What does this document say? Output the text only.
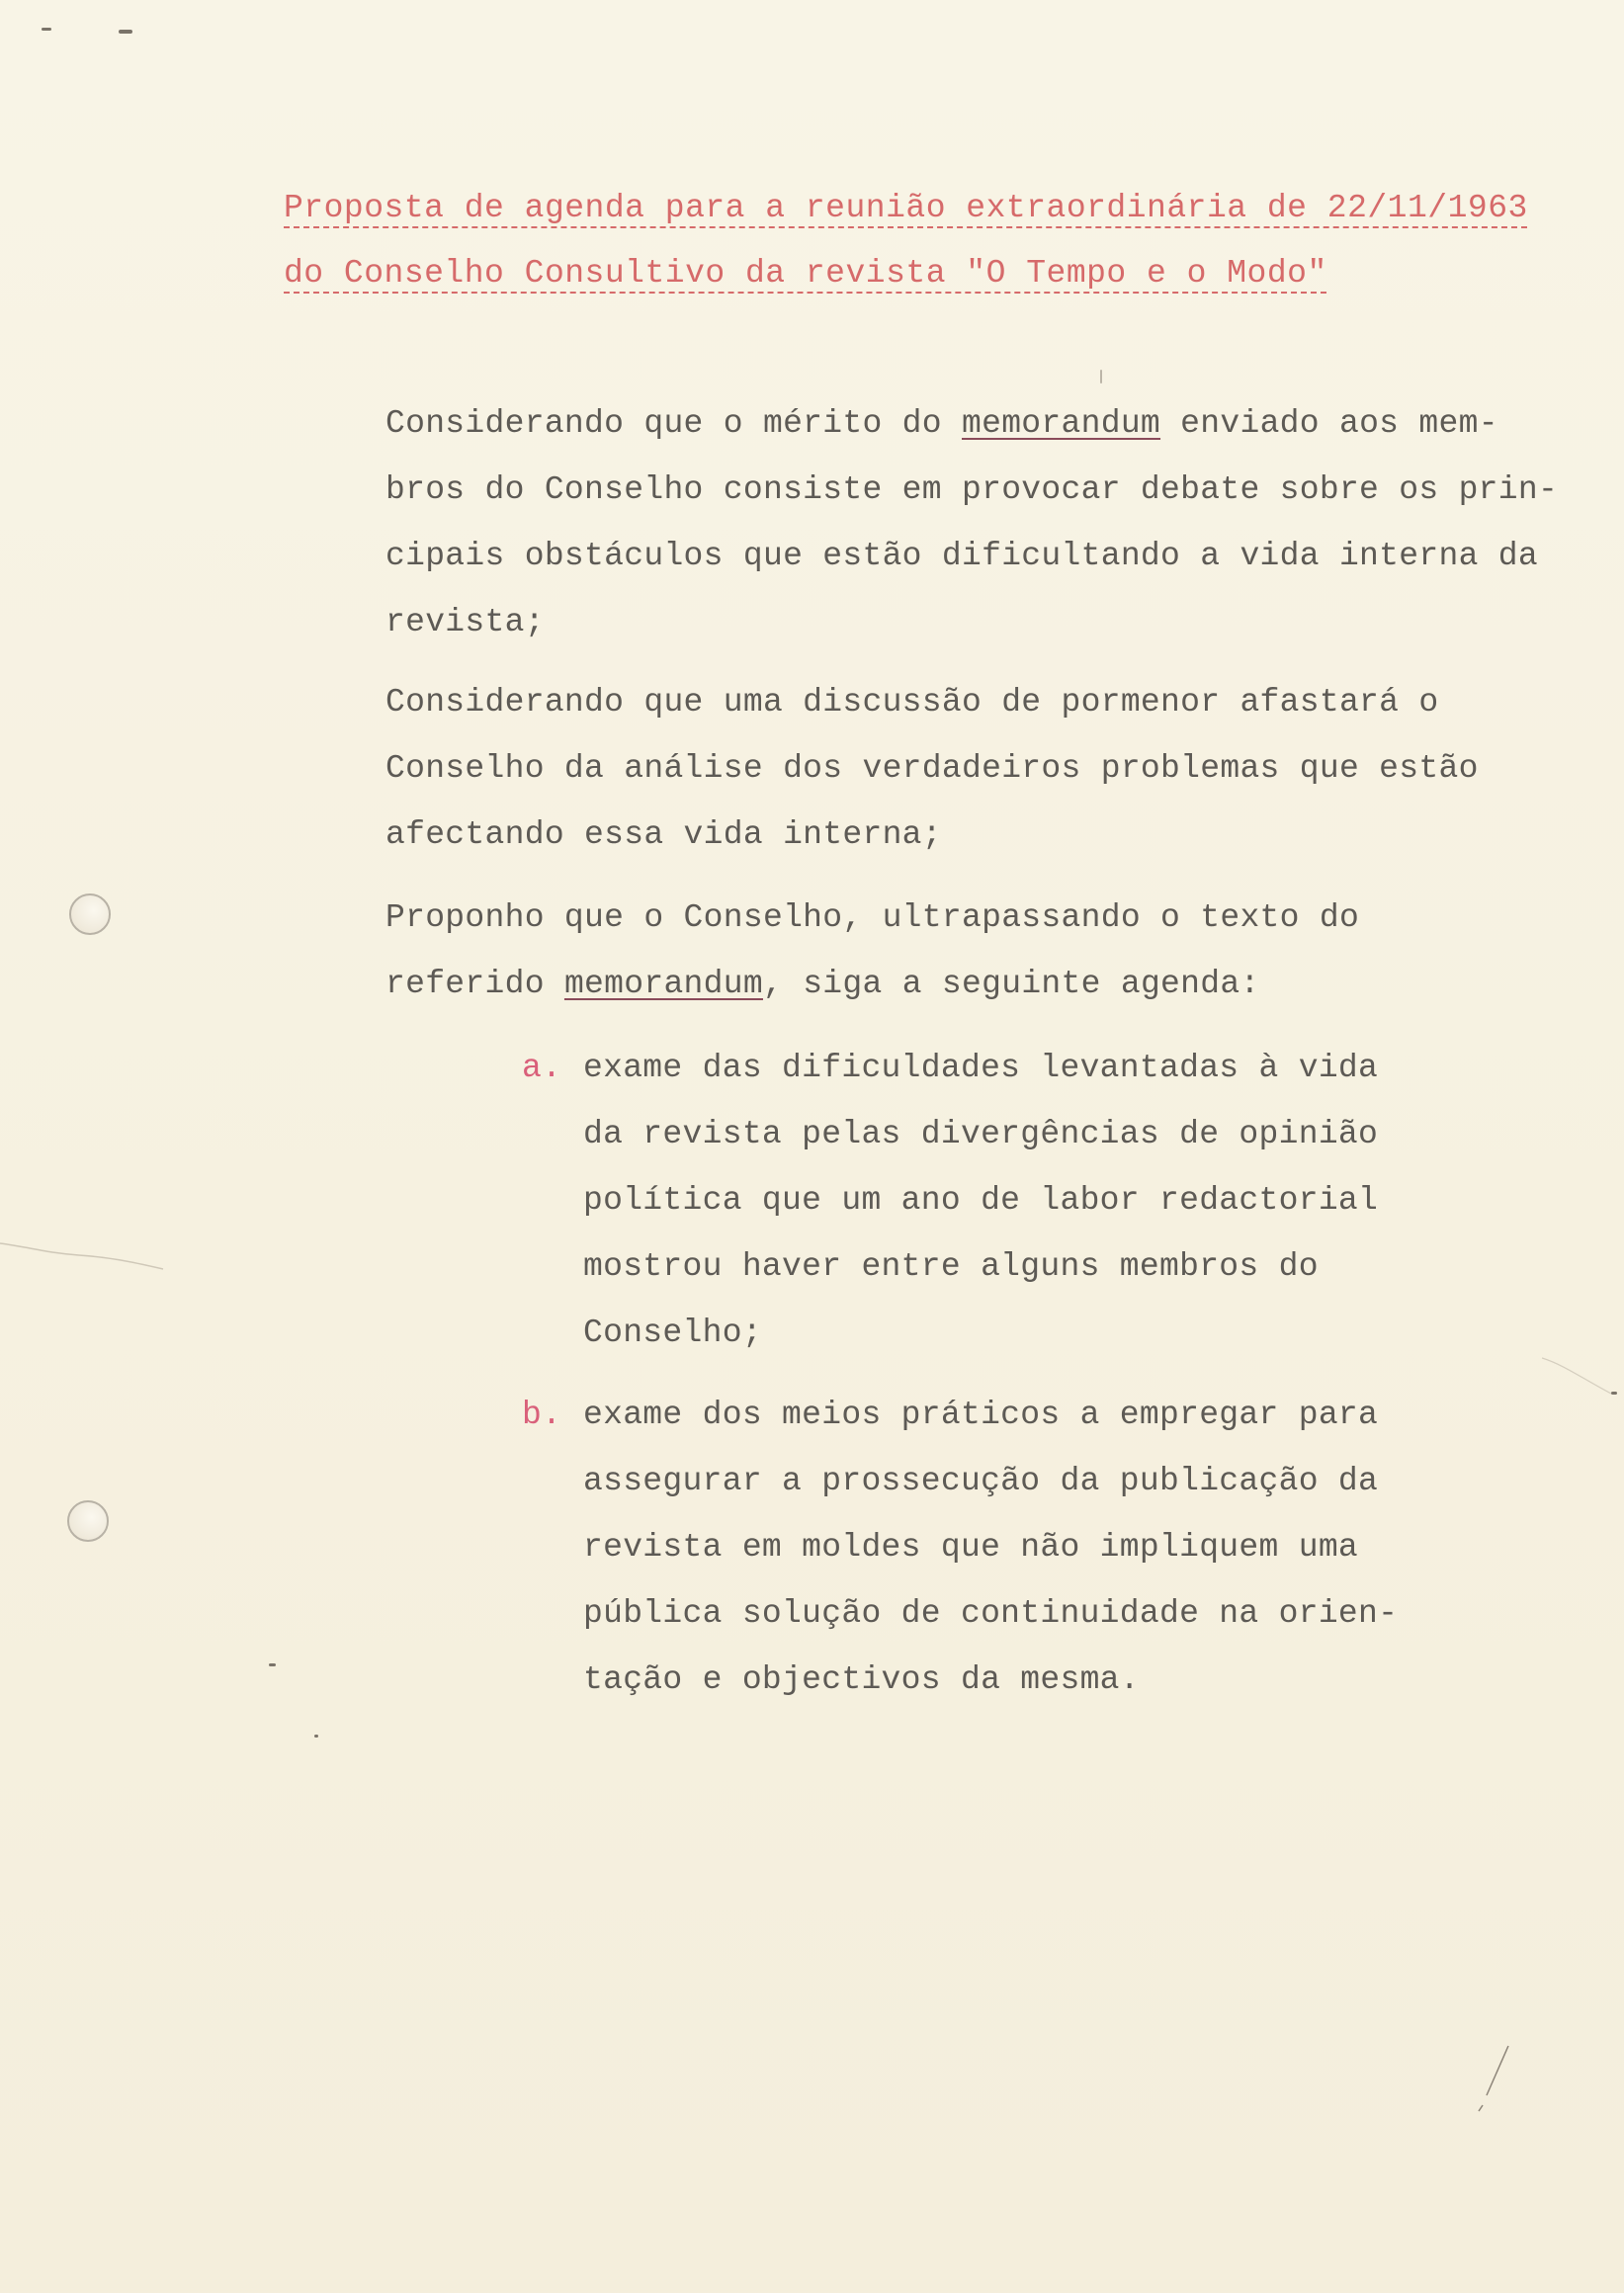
Proposta de agenda para a reunião extraordinária de 22/11/1963
do Conselho Consultivo da revista "O Tempo e o Modo"

Considerando que o mérito do memorandum enviado aos mem-
bros do Conselho consiste em provocar debate sobre os prin-
cipais obstáculos que estão dificultando a vida interna da
revista;

Considerando que uma discussão de pormenor afastará o
Conselho da análise dos verdadeiros problemas que estão
afectando essa vida interna;

Proponho que o Conselho, ultrapassando o texto do
referido memorandum, siga a seguinte agenda:

a. exame das dificuldades levantadas à vida
da revista pelas divergências de opinião
política que um ano de labor redactorial
mostrou haver entre alguns membros do
Conselho;
b. exame dos meios práticos a empregar para
assegurar a prossecução da publicação da
revista em moldes que não impliquem uma
pública solução de continuidade na orien-
tação e objectivos da mesma.
